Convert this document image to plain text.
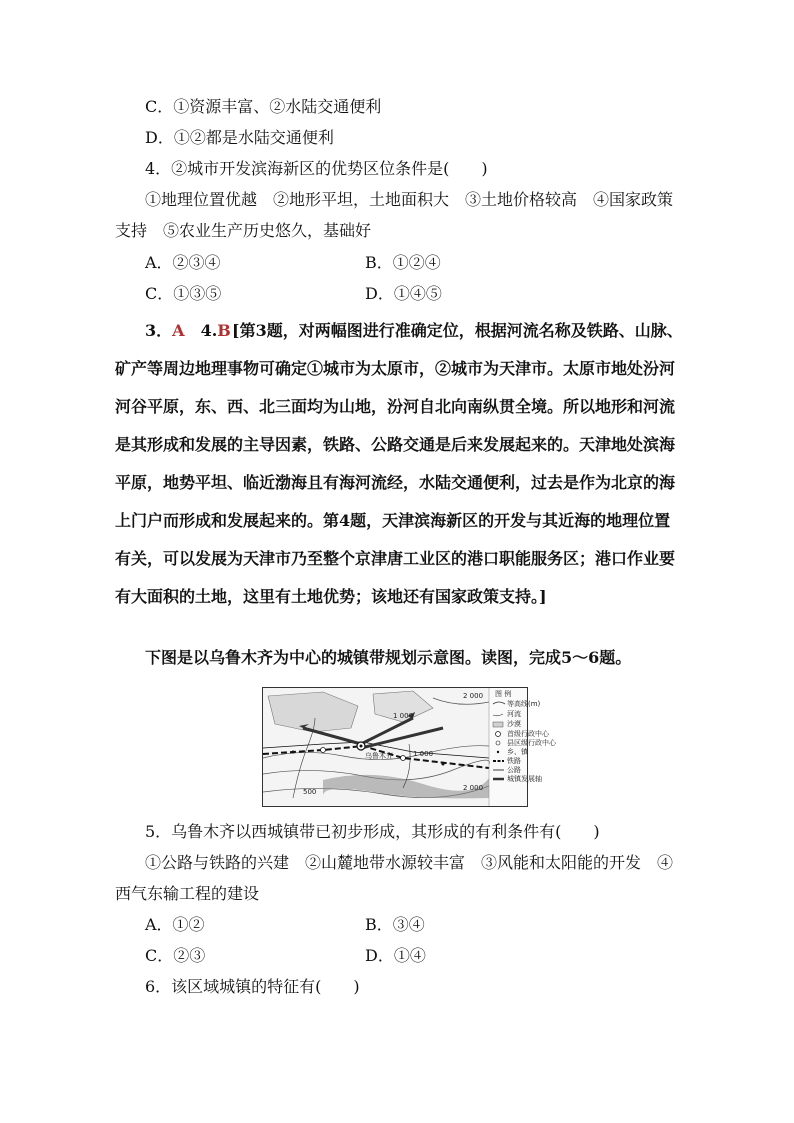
C．①资源丰富、②水陆交通便利
D．①②都是水陆交通便利
4．②城市开发滨海新区的优势区位条件是(　　)
①地理位置优越　②地形平坦，土地面积大　③土地价格较高　④国家政策
支持　⑤农业生产历史悠久，基础好
A．②③④	B．①②④
C．①③⑤	D．①④⑤
3．A　4.B [第3题，对两幅图进行准确定位，根据河流名称及铁路、山脉、
矿产等周边地理事物可确定①城市为太原市，②城市为天津市。太原市地处汾河
河谷平原，东、西、北三面均为山地，汾河自北向南纵贯全境。所以地形和河流
是其形成和发展的主导因素，铁路、公路交通是后来发展起来的。天津地处滨海
平原，地势平坦、临近渤海且有海河流经，水陆交通便利，过去是作为北京的海
上门户而形成和发展起来的。第4题，天津滨海新区的开发与其近海的地理位置
有关，可以发展为天津市乃至整个京津唐工业区的港口职能服务区；港口作业要
有大面积的土地，这里有土地优势；该地还有国家政策支持。]
下图是以乌鲁木齐为中心的城镇带规划示意图。读图，完成5～6题。
图 例
等高线(m)
河流
沙漠
首级行政中心
县区级行政中心
乡、镇
铁路
公路
城镇发展轴
1 000
2 000
1 000
2 000
500
乌鲁木齐
5．乌鲁木齐以西城镇带已初步形成，其形成的有利条件有(　　)
①公路与铁路的兴建　②山麓地带水源较丰富　③风能和太阳能的开发　④
西气东输工程的建设
A．①②	B．③④
C．②③	D．①④
6．该区域城镇的特征有(　　)
